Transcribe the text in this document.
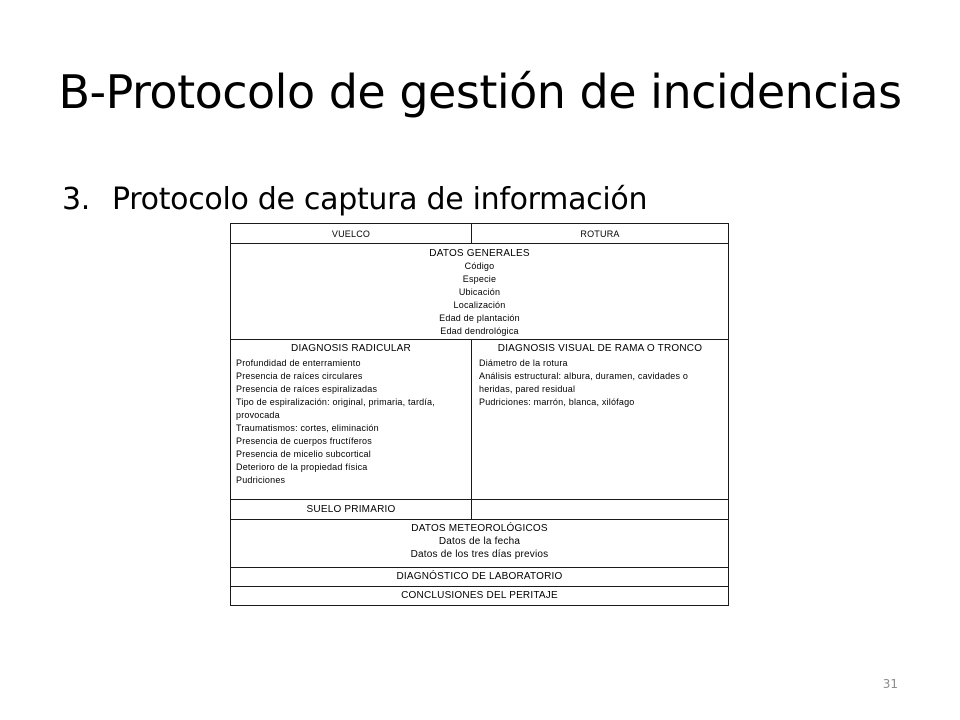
B-Protocolo de gestión de incidencias
3. Protocolo de captura de información
VUELCO	ROTURA
DATOS GENERALES
Código
Especie
Ubicación
Localización
Edad de plantación
Edad dendrológica
DIAGNOSIS RADICULAR
Profundidad de enterramiento
Presencia de raíces circulares
Presencia de raíces espiralizadas
Tipo de espiralización: original, primaria, tardía,
provocada
Traumatismos: cortes, eliminación
Presencia de cuerpos fructíferos
Presencia de micelio subcortical
Deterioro de la propiedad física
Pudriciones
DIAGNOSIS VISUAL DE RAMA O TRONCO
Diámetro de la rotura
Análisis estructural: albura, duramen, cavidades o
heridas, pared residual
Pudriciones: marrón, blanca, xilófago
SUELO PRIMARIO
DATOS METEOROLÓGICOS
Datos de la fecha
Datos de los tres días previos
DIAGNÓSTICO DE LABORATORIO
CONCLUSIONES DEL PERITAJE
31
